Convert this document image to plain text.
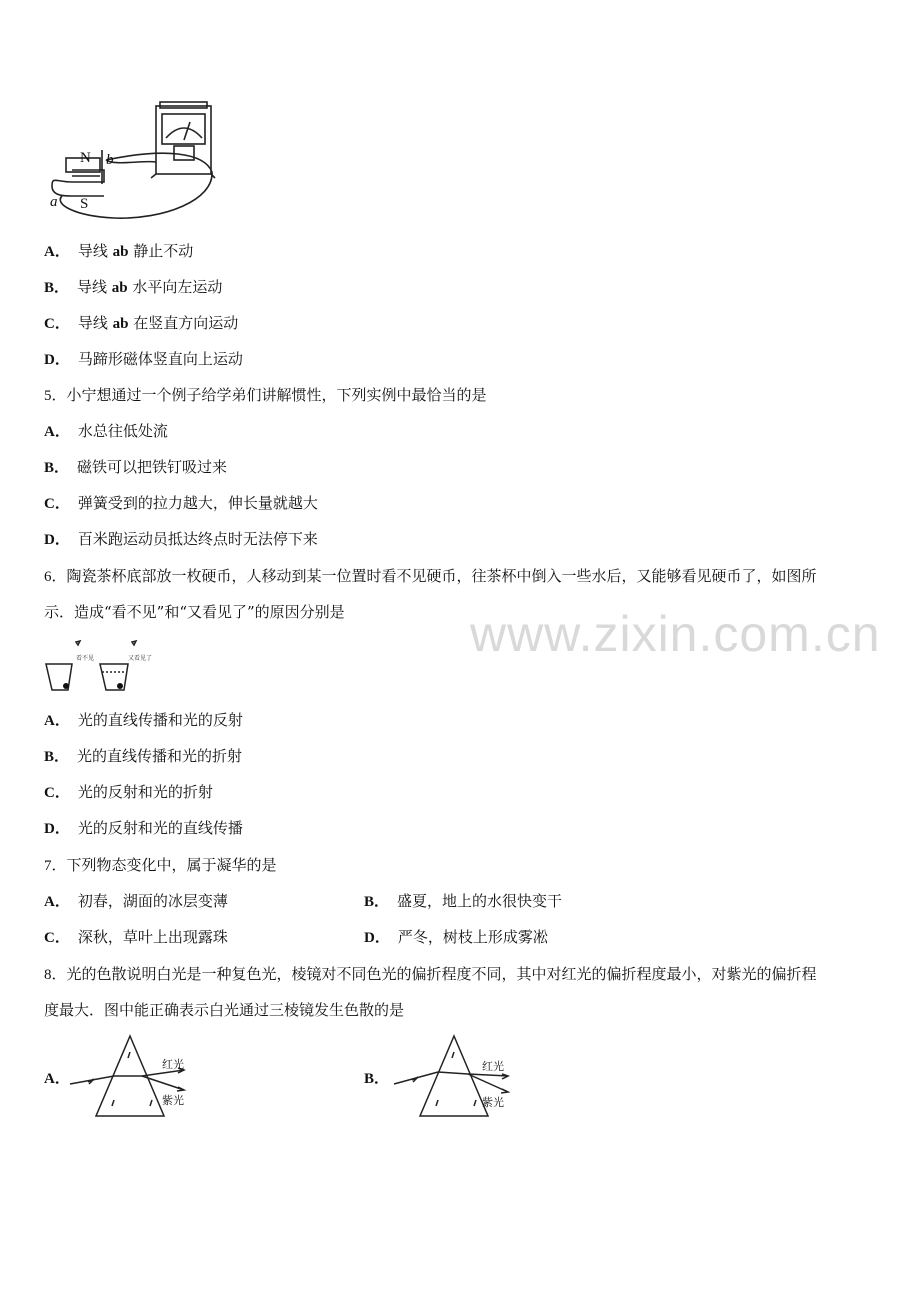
N b
a S
A． 导线 ab 静止不动
B． 导线 ab 水平向左运动
C． 导线 ab 在竖直方向运动
D． 马蹄形磁体竖直向上运动
5．小宁想通过一个例子给学弟们讲解惯性，下列实例中最恰当的是
A． 水总往低处流
B． 磁铁可以把铁钉吸过来
C． 弹簧受到的拉力越大，伸长量就越大
D． 百米跑运动员抵达终点时无法停下来
6．陶瓷茶杯底部放一枚硬币，人移动到某一位置时看不见硬币，往茶杯中倒入一些水后，又能够看见硬币了，如图所
示．造成“看不见”和“又看见了”的原因分别是	www.zixin.com.cn
看不见	又看见了
A． 光的直线传播和光的反射
B． 光的直线传播和光的折射
C． 光的反射和光的折射
D． 光的反射和光的直线传播
7．下列物态变化中，属于凝华的是
A． 初春，湖面的冰层变薄	B． 盛夏，地上的水很快变干
C． 深秋，草叶上出现露珠	D． 严冬，树枝上形成雾凇
8．光的色散说明白光是一种复色光，棱镜对不同色光的偏折程度不同，其中对红光的偏折程度最小，对紫光的偏折程
度最大．图中能正确表示白光通过三棱镜发生色散的是
A．
红光
紫光
B．
红光
紫光
